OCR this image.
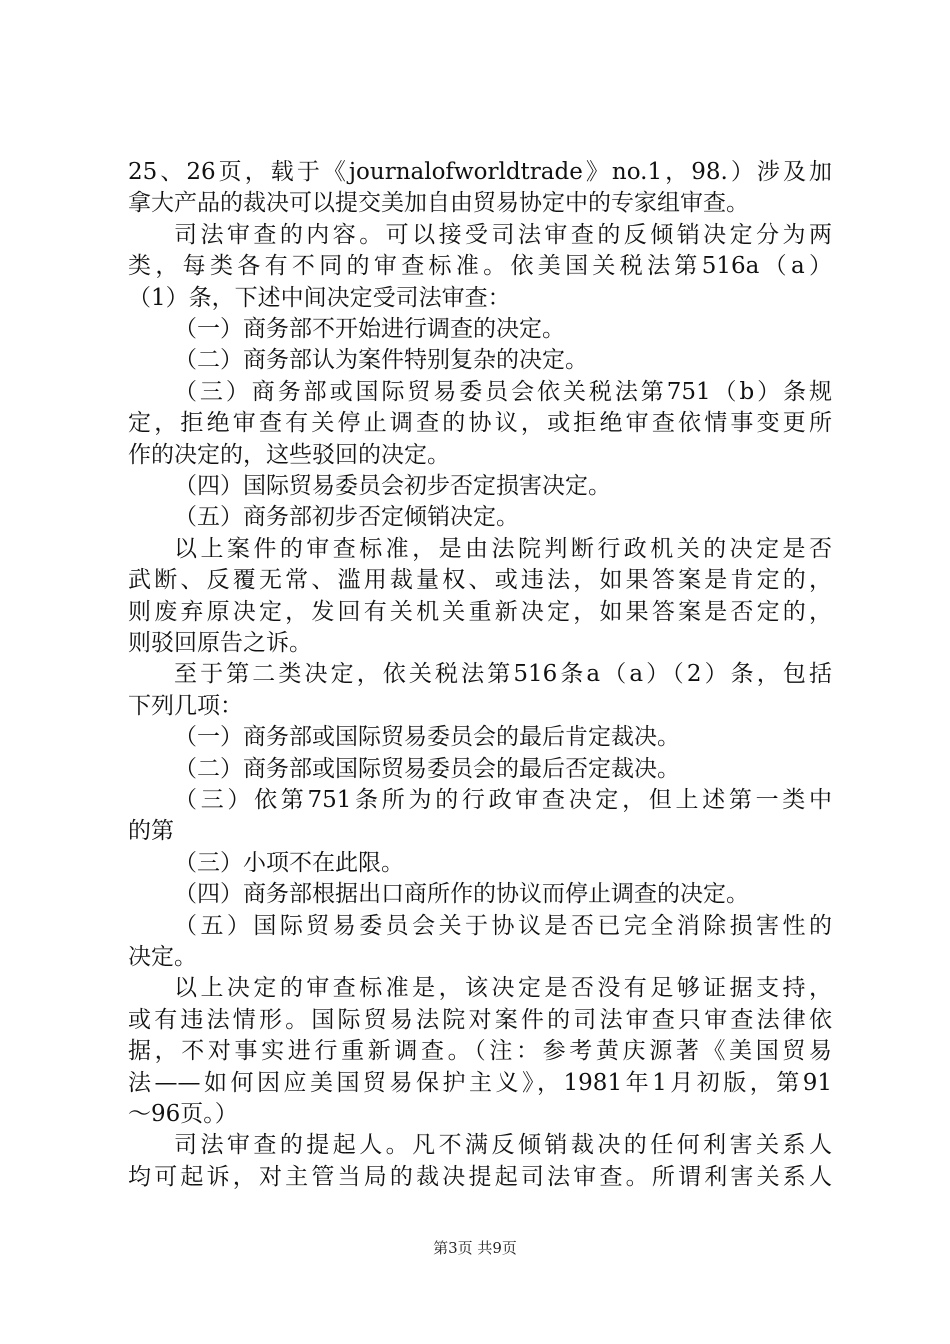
25、26页，载于《journalofworldtrade》no.1，98.）涉及加
拿大产品的裁决可以提交美加自由贸易协定中的专家组审查。
司法审查的内容。可以接受司法审查的反倾销决定分为两
类，每类各有不同的审查标准。依美国关税法第516a（a）
（1）条，下述中间决定受司法审查：
（一）商务部不开始进行调查的决定。
（二）商务部认为案件特别复杂的决定。
（三）商务部或国际贸易委员会依关税法第751（b）条规
定，拒绝审查有关停止调查的协议，或拒绝审查依情事变更所
作的决定的，这些驳回的决定。
（四）国际贸易委员会初步否定损害决定。
（五）商务部初步否定倾销决定。
以上案件的审查标准，是由法院判断行政机关的决定是否
武断、反覆无常、滥用裁量权、或违法，如果答案是肯定的，
则废弃原决定，发回有关机关重新决定，如果答案是否定的，
则驳回原告之诉。
至于第二类决定，依关税法第516条a（a）（2）条，包括
下列几项：
（一）商务部或国际贸易委员会的最后肯定裁决。
（二）商务部或国际贸易委员会的最后否定裁决。
（三）依第751条所为的行政审查决定，但上述第一类中
的第
（三）小项不在此限。
（四）商务部根据出口商所作的协议而停止调查的决定。
（五）国际贸易委员会关于协议是否已完全消除损害性的
决定。
以上决定的审查标准是，该决定是否没有足够证据支持，
或有违法情形。国际贸易法院对案件的司法审查只审查法律依
据，不对事实进行重新调查。（注：参考黄庆源著《美国贸易
法——如何因应美国贸易保护主义》，1981年1月初版，第91
～96页。）
司法审查的提起人。凡不满反倾销裁决的任何利害关系人
均可起诉，对主管当局的裁决提起司法审查。所谓利害关系人
第3页 共9页
